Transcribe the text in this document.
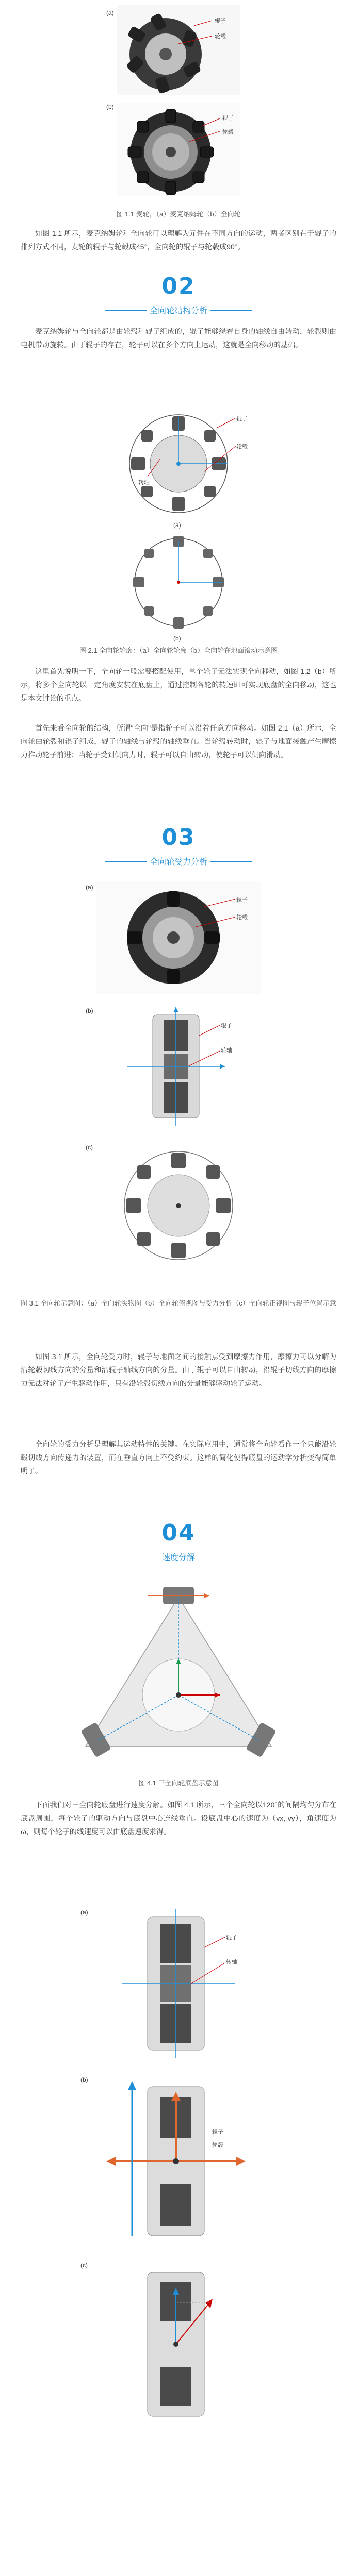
(a)
辊子
轮毂
(b)
辊子
轮毂
图 1.1 麦轮，（a）麦克纳姆轮（b）全向轮
如图 1.1 所示，麦克纳姆轮和全向轮可以理解为元件在不同方向的运动，两者区别在于辊子的排列方式不同，麦轮的辊子与轮毂成45°，全向轮的辊子与轮毂成90°。
02
全向轮结构分析
麦克纳姆轮与全向轮都是由轮毂和辊子组成的，辊子能够绕着自身的轴线自由转动，轮毂则由电机带动旋转。由于辊子的存在，轮子可以在多个方向上运动，这就是全向移动的基础。
辊子
轮毂
转轴
(a)
(b)
图 2.1 全向轮轮廓：（a）全向轮轮廓（b）全向轮在地面滚动示意图
这里首先说明一下，全向轮一般需要搭配使用，单个轮子无法实现全向移动，如图 1.2（b）所示，将多个全向轮以一定角度安装在底盘上，通过控制各轮的转速即可实现底盘的全向移动，这也是本文讨论的重点。
首先来看全向轮的结构，所谓"全向"是指轮子可以沿着任意方向移动。如图 2.1（a）所示，全向轮由轮毂和辊子组成，辊子的轴线与轮毂的轴线垂直。当轮毂转动时，辊子与地面接触产生摩擦力推动轮子前进；当轮子受到侧向力时，辊子可以自由转动，使轮子可以侧向滑动。
03
全向轮受力分析
(a)
辊子
轮毂
(b)
辊子
转轴
(c)
图 3.1 全向轮示意图：（a）全向轮实物图（b）全向轮俯视图与受力分析（c）全向轮正视图与辊子位置示意
如图 3.1 所示，全向轮受力时，辊子与地面之间的接触点受到摩擦力作用，摩擦力可以分解为沿轮毂切线方向的分量和沿辊子轴线方向的分量。由于辊子可以自由转动，沿辊子切线方向的摩擦力无法对轮子产生驱动作用，只有沿轮毂切线方向的分量能够驱动轮子运动。
全向轮的受力分析是理解其运动特性的关键。在实际应用中，通常将全向轮看作一个只能沿轮毂切线方向传递力的装置，而在垂直方向上不受约束。这样的简化使得底盘的运动学分析变得简单明了。
04
速度分解
图 4.1 三全向轮底盘示意图
下面我们对三全向轮底盘进行速度分解。如图 4.1 所示，三个全向轮以120°的间隔均匀分布在底盘周围，每个轮子的驱动方向与底盘中心连线垂直。设底盘中心的速度为（vx, vy），角速度为ω，则每个轮子的线速度可以由底盘速度求得。
(a)
辊子
转轴
(b)
辊子
轮毂
(c)
